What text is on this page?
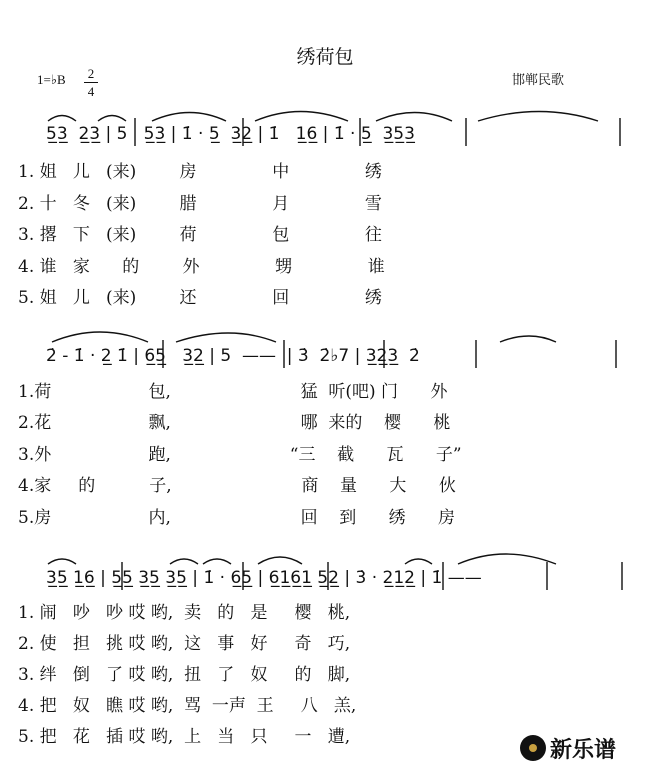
绣荷包
1=♭B 2
4
邯郸民歌
5̲3̲  2̲3̲ | 5   5̲3̲ | 1̇ · 5̲  3̲2̲ | 1̇   1̲6̲ | 1̇ · 5̲  3̲5̲3̲
1. 姐   儿   (来)        房              中              绣
2. 十   冬   (来)        腊              月              雪
3. 撂   下   (来)        荷              包              往
4. 谁   家      的        外              甥              谁
5. 姐   儿   (来)        还              回              绣
2̇ - 1̇ · 2̲ 1̇ | 6̲5̲   3̲2̲ | 5  ——  | 3̇  2̇♭7 | 3̲2̲3̲  2̇
1.荷                  包,                        猛  听(吧) 门      外
2.花                  飘,                        哪  来的    樱      桃
3.外                  跑,                      “三    截      瓦      子”
4.家     的          子,                        商    量      大      伙
5.房                  内,                        回    到      绣      房
3̲5̲ 1̲6̲ | 5̲5̲ 3̲5̲ 3̲5̲ | 1̇ · 6̲5̲ | 6̲1̲6̲1̲ 5̲2̲ | 3̇ · 2̲1̲2̲ | 1̇ ——
1. 闹   吵   吵 哎 哟,  卖   的   是     樱   桃,
2. 使   担   挑 哎 哟,  这   事   好     奇   巧,
3. 绊   倒   了 哎 哟,  扭   了   奴     的   脚,
4. 把   奴   瞧 哎 哟,  骂  一声  王     八   羔,
5. 把   花   插 哎 哟,  上   当   只     一   遭,
新乐谱
